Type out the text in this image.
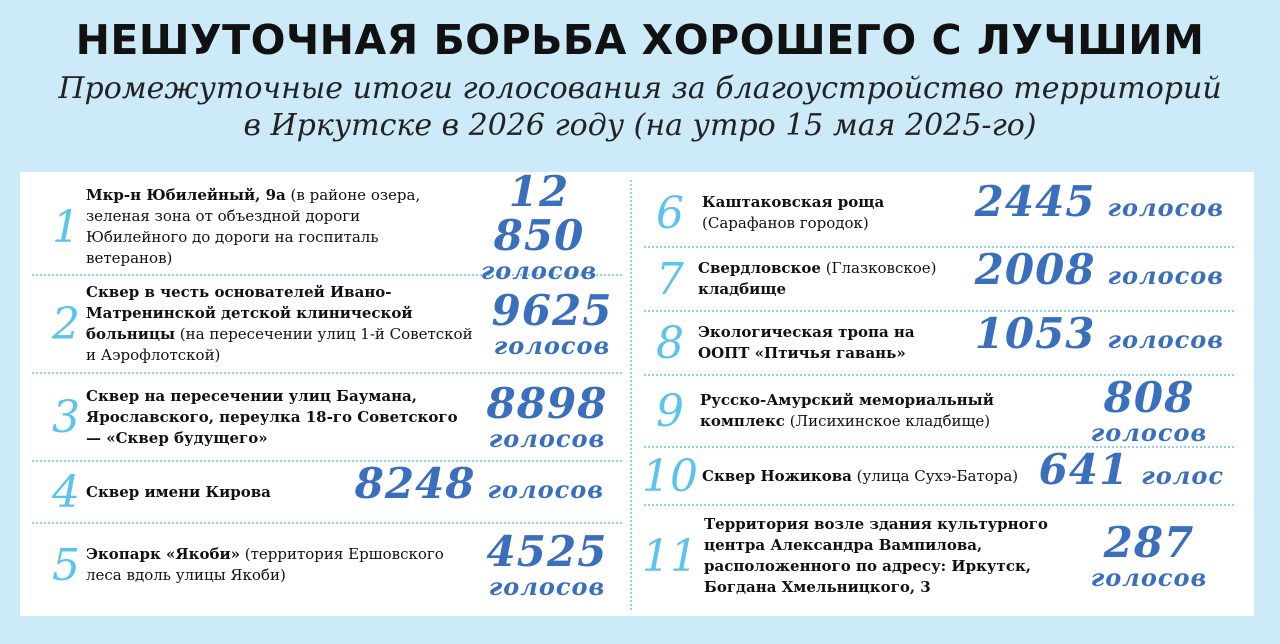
НЕШУТОЧНАЯ БОРЬБА ХОРОШЕГО С ЛУЧШИМ
Промежуточные итоги голосования за благоустройство территорий
в Иркутске в 2026 году (на утро 15 мая 2025-го)
1
Мкр-н Юбилейный, 9а (в районе озера, зеленая зона от объездной дороги Юбилейного до дороги на госпиталь ветеранов)
12 850
голосов
2
Сквер в честь основателей Ивано-Матренинской детской клинической больницы (на пересечении улиц 1-й Советской и Аэрофлотской)
9625
голосов
3 Сквер на пересечении улиц Баумана, Ярославского, переулка 18-го Советского — «Сквер будущего»
8898
голосов
4 Сквер имени Кирова 8248 голосов
5 Экопарк «Якоби» (территория Ершовского леса вдоль улицы Якоби)	4525
голосов
6	Каштаковская роща
(Сарафанов городок)	2445 голосов
7 Свердловское (Глазковское)
кладбище	2008 голосов
8 Экологическая тропа на ООПТ «Птичья гавань»	1053 голосов
9	Русско-Амурский мемориальный комплекс (Лисихинское кладбище)	808
голосов
10 Сквер Ножикова (улица Сухэ-Батора) 641 голос
11
Территория возле здания культурного центра Александра Вампилова, расположенного по адресу: Иркутск, Богдана Хмельницкого, 3
287
голосов
